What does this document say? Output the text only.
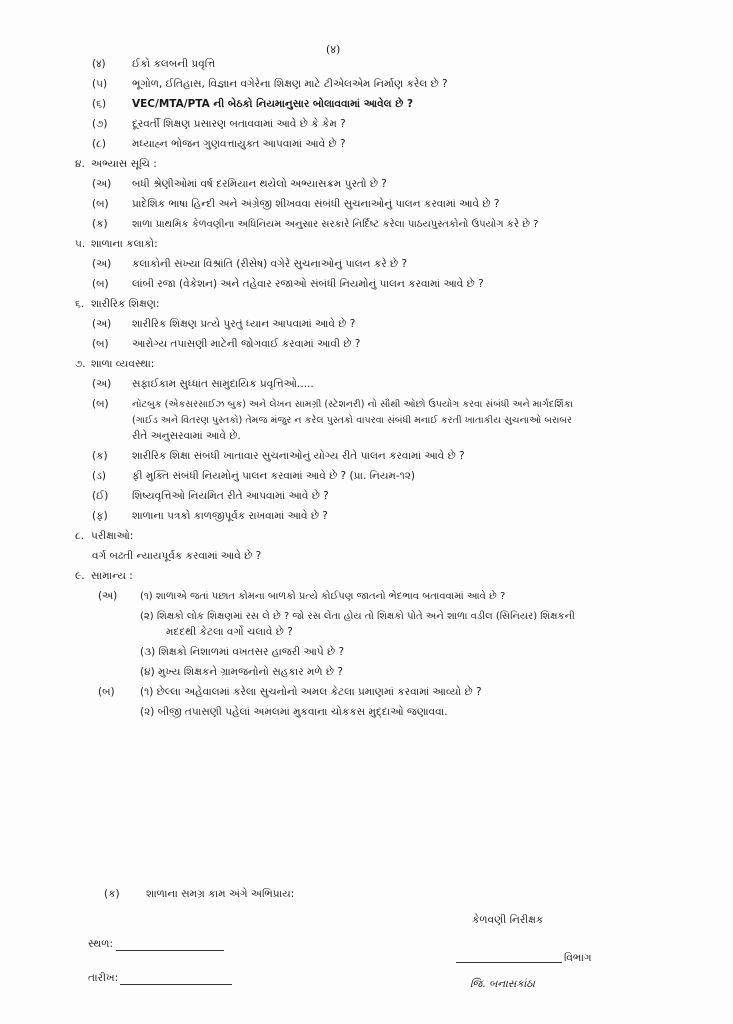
(४)
(४)	ઈકો કલબની પ્રવૃત્તિ
(૫) ભૂગોળ, ઈતિહાસ, વિજ્ઞાન વગેરેના શિક્ષણ માટે ટીએલએમ નિર્માણ કરેલ છે ?
(૬) VEC/MTA/PTA ની બેઠકો નિયમાનુસાર બોલાવવામાં આવેલ છે ?
(૭) દૂરવર્તી શિક્ષણ પ્રસારણ બતાવવામાં આવે છે કે કેમ ?
(૮) મધ્યાહ્ન ભોજન ગુણવત્તાયુક્ત આપવામાં આવે છે ?
૪. અભ્યાસ સૂચિ :
(અ) બધી શ્રેણીઓમાં વર્ષ દરમિયાન થયેલો અભ્યાસક્રમ પુરતો છે ?
(બ) પ્રાદેશિક ભાષા હિન્દી અને અંગ્રેજી શીખવવા સંબંધી સુચનાઓનું પાલન કરવામાં આવે છે ?
(ક) શાળા પ્રાથમિક કેળવણીના અધિનિયમ અનુસાર સરકારે નિર્દિષ્ટ કરેલા પાઠયપુસ્તકોનો ઉપયોગ કરે છે ?
૫. શાળાના કલાકો:
(અ) કલાકોની સંખ્યા વિશ્રાંતિ (રીસેષ) વગેરે સુચનાઓનું પાલન કરે છે ?
(બ) લાંબી રજા (વેકેશન) અને તહેવાર રજાઓ સંબંધી નિયમોનું પાલન કરવામાં આવે છે ?
૬. શારીરિક શિક્ષણ:
(અ) શારીરિક શિક્ષણ પ્રત્યે પુરતું ધ્યાન આપવામાં આવે છે ?
(બ) આરોગ્ય તપાસણી માટેની જોગવાઈ કરવામાં આવી છે ?
૭. શાળા વ્યવસ્થા:
(અ) સફાઈકામ સુધ્ધાંત સામુદાયિક પ્રવૃત્તિઓ.....
(બ) નોટબુક (એકસરસાઈઝ બુક) અને લેખન સામગ્રી (સ્ટેશનરી) નો સૌથી ઓછો ઉપયોગ કરવા સંબંધી અને માર્ગદર્શિકા
(ગાઈડ અને વિતરણ પુસ્તકો) તેમજ મંજુર ન કરેલ પુસ્તકો વાપરવા સંબંધી મનાઈ કરતી ખાતાકીય સુચનાઓ બરાબર
રીતે અનુસરવામાં આવે છે.
(ક) શારીરિક શિક્ષા સંબંધી ખાતાવાર સુચનાઓનું યોગ્ય રીતે પાલન કરવામાં આવે છે ?
(ડ) ફી મુક્તિ સંબંધી નિયમોનું પાલન કરવામાં આવે છે ? (પ્રા. નિયમ-૧૨)
(ઈ) શિષ્યવૃત્તિઓ નિયમિત રીતે આપવામાં આવે છે ?
(ફ) શાળાના પત્રકો કાળજીપૂર્વક રાખવામાં આવે છે ?
૮. પરીક્ષાઓ:
વર્ગ બઢતી ન્યાયપૂર્વક કરવામાં આવે છે ?
૯. સામાન્ય :
(અ) (૧) શાળાએ જતાં પછાત કોમના બાળકો પ્રત્યે કોઈપણ જાતનો ભેદભાવ બતાવવામાં આવે છે ?
(૨) શિક્ષકો લોક શિક્ષણમાં રસ લે છે ? જો રસ લેતા હોય તો શિક્ષકો પોતે અને શાળા વડીલ (સિનિયર) શિક્ષકની
મદદથી કેટલા વર્ગો ચલાવે છે ?
(૩) શિક્ષકો નિશાળમાં વખતસર હાજરી આપે છે ?
(૪) મુખ્ય શિક્ષકને ગ્રામજનોનો સહકાર મળે છે ?
(બ) (૧) છેલ્લા અહેવાલમાં કરેલા સુચનોનો અમલ કેટલા પ્રમાણમાં કરવામાં આવ્યો છે ?
(૨) બીજી તપાસણી પહેલાં અમલમાં મુકવાના ચોકકસ મુદ્દાઓ જણાવવા.
(ક)	શાળાના સમગ્ર કામ અંગે અભિપ્રાય:
કેળવણી નિરીક્ષક
સ્થળ:
વિભાગ
તારીખ:	જિ. બનાસકાંઠા
